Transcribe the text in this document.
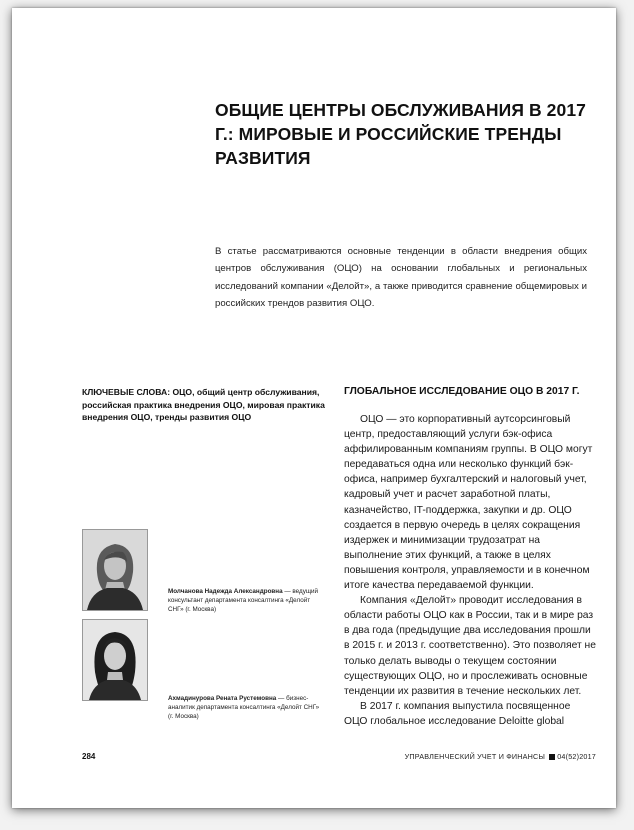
ОБЩИЕ ЦЕНТРЫ ОБСЛУЖИВАНИЯ В 2017 Г.: МИРОВЫЕ И РОССИЙСКИЕ ТРЕНДЫ РАЗВИТИЯ

В статье рассматриваются основные тенденции в области внедрения общих центров обслуживания (ОЦО) на основании глобальных и региональных исследований компании «Делойт», а также приводится сравнение общемировых и российских трендов развития ОЦО.

КЛЮЧЕВЫЕ СЛОВА: ОЦО, общий центр обслуживания, российская практика внедрения ОЦО, мировая практика внедрения ОЦО, тренды развития ОЦО
ГЛОБАЛЬНОЕ ИССЛЕДОВАНИЕ ОЦО В 2017 Г.

ОЦО — это корпоративный аутсорсинговый центр, предоставляющий услуги бэк-офиса аффилированным компаниям группы. В ОЦО могут передаваться одна или несколько функций бэк-офиса, например бухгалтерский и налоговый учет, кадровый учет и расчет заработной платы, казначейство, IT-поддержка, закупки и др. ОЦО создается в первую очередь в целях сокращения издержек и минимизации трудозатрат на выполнение этих функций, а также в целях повышения контроля, управляемости и в конечном итоге качества передаваемой функции.

Компания «Делойт» проводит исследования в области работы ОЦО как в России, так и в мире раз в два года (предыдущие два исследования прошли в 2015 г. и 2013 г. соответственно). Это позволяет не только делать выводы о текущем состоянии существующих ОЦО, но и прослеживать основные тенденции их развития в течение нескольких лет.

В 2017 г. компания выпустила посвященное ОЦО глобальное исследование Deloitte global

Молчанова Надежда Александровна — ведущий консультант департамента консалтинга «Делойт СНГ» (г. Москва)
Ахмадинурова Рената Рустемовна — бизнес-аналитик департамента консалтинга «Делойт СНГ» (г. Москва)
284	УПРАВЛЕНЧЕСКИЙ УЧЕТ И ФИНАНСЫ 04(52)2017
